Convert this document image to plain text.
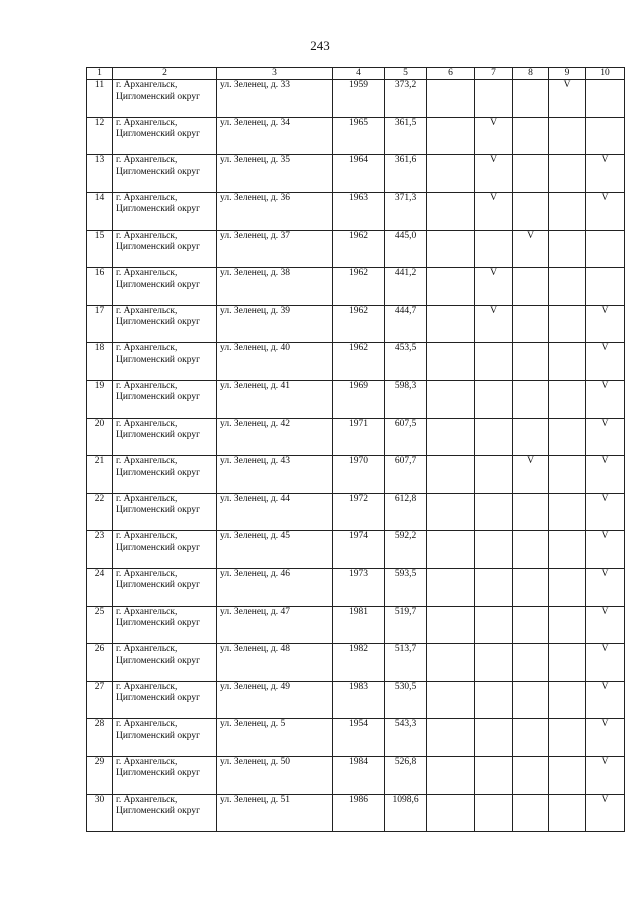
243
1	2	3	4	5	6	7	8	9	10
11	г. Архангельск, Цигломенский округ	ул. Зеленец, д. 33	1959	373,2				V	
12	г. Архангельск, Цигломенский округ	ул. Зеленец, д. 34	1965	361,5		V			
13	г. Архангельск, Цигломенский округ	ул. Зеленец, д. 35	1964	361,6		V			V
14	г. Архангельск, Цигломенский округ	ул. Зеленец, д. 36	1963	371,3		V			V
15	г. Архангельск, Цигломенский округ	ул. Зеленец, д. 37	1962	445,0			V		
16	г. Архангельск, Цигломенский округ	ул. Зеленец, д. 38	1962	441,2		V			
17	г. Архангельск, Цигломенский округ	ул. Зеленец, д. 39	1962	444,7		V			V
18	г. Архангельск, Цигломенский округ	ул. Зеленец, д. 40	1962	453,5					V
19	г. Архангельск, Цигломенский округ	ул. Зеленец, д. 41	1969	598,3					V
20	г. Архангельск, Цигломенский округ	ул. Зеленец, д. 42	1971	607,5					V
21	г. Архангельск, Цигломенский округ	ул. Зеленец, д. 43	1970	607,7			V		V
22	г. Архангельск, Цигломенский округ	ул. Зеленец, д. 44	1972	612,8					V
23	г. Архангельск, Цигломенский округ	ул. Зеленец, д. 45	1974	592,2					V
24	г. Архангельск, Цигломенский округ	ул. Зеленец, д. 46	1973	593,5					V
25	г. Архангельск, Цигломенский округ	ул. Зеленец, д. 47	1981	519,7					V
26	г. Архангельск, Цигломенский округ	ул. Зеленец, д. 48	1982	513,7					V
27	г. Архангельск, Цигломенский округ	ул. Зеленец, д. 49	1983	530,5					V
28	г. Архангельск, Цигломенский округ	ул. Зеленец, д. 5	1954	543,3					V
29	г. Архангельск, Цигломенский округ	ул. Зеленец, д. 50	1984	526,8					V
30	г. Архангельск, Цигломенский округ	ул. Зеленец, д. 51	1986	1098,6					V
